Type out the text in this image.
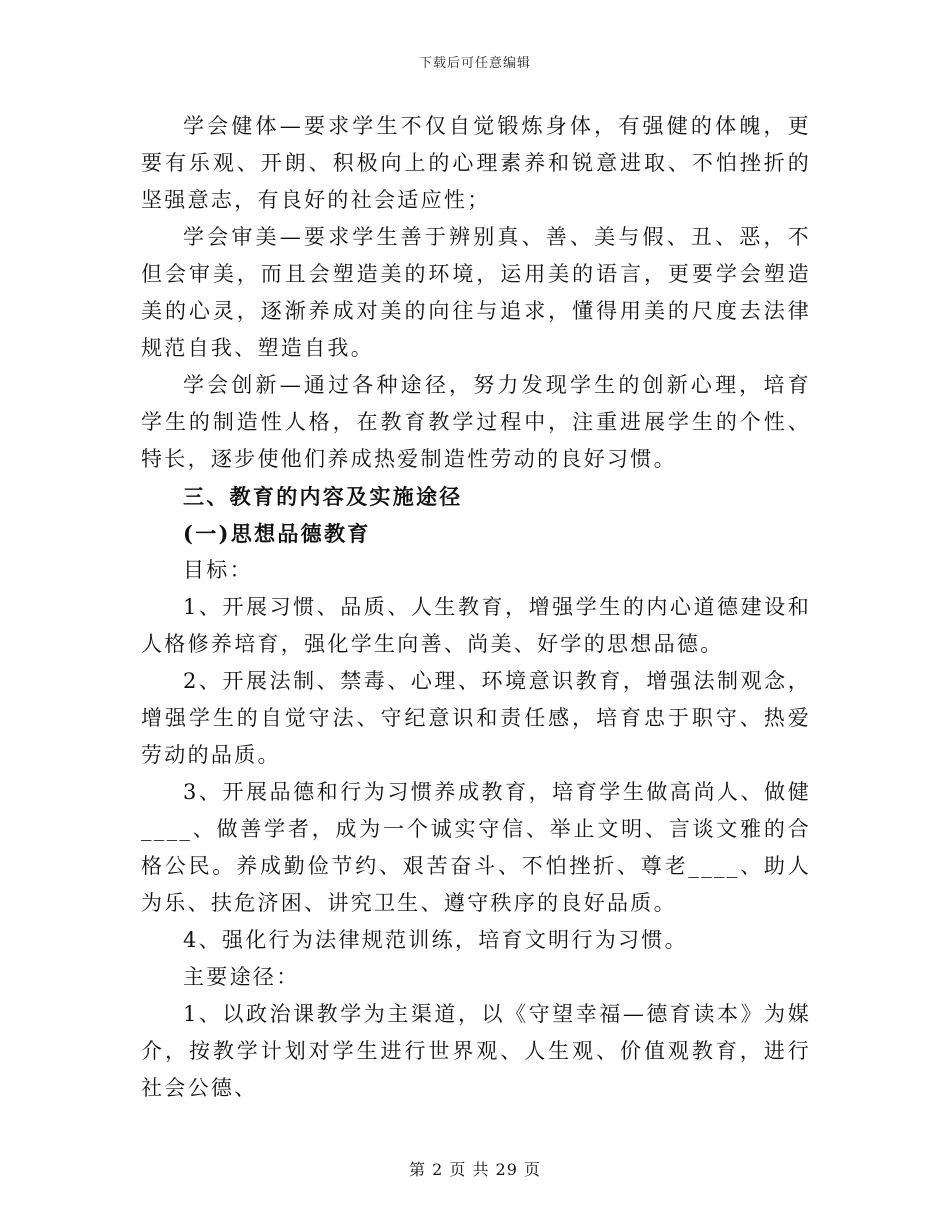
下载后可任意编辑

学会健体—要求学生不仅自觉锻炼身体，有强健的体魄，更要有乐观、开朗、积极向上的心理素养和锐意进取、不怕挫折的坚强意志，有良好的社会适应性；

学会审美—要求学生善于辨别真、善、美与假、丑、恶，不但会审美，而且会塑造美的环境，运用美的语言，更要学会塑造美的心灵，逐渐养成对美的向往与追求，懂得用美的尺度去法律规范自我、塑造自我。

学会创新—通过各种途径，努力发现学生的创新心理，培育学生的制造性人格，在教育教学过程中，注重进展学生的个性、特长，逐步使他们养成热爱制造性劳动的良好习惯。

三、教育的内容及实施途径

(一)思想品德教育

目标：

1、开展习惯、品质、人生教育，增强学生的内心道德建设和人格修养培育，强化学生向善、尚美、好学的思想品德。

2、开展法制、禁毒、心理、环境意识教育，增强法制观念，增强学生的自觉守法、守纪意识和责任感，培育忠于职守、热爱劳动的品质。

3、开展品德和行为习惯养成教育，培育学生做高尚人、做健____、做善学者，成为一个诚实守信、举止文明、言谈文雅的合格公民。养成勤俭节约、艰苦奋斗、不怕挫折、尊老____、助人为乐、扶危济困、讲究卫生、遵守秩序的良好品质。

4、强化行为法律规范训练，培育文明行为习惯。

主要途径：

1、以政治课教学为主渠道，以《守望幸福—德育读本》为媒介，按教学计划对学生进行世界观、人生观、价值观教育，进行社会公德、

第 2 页 共 29 页
